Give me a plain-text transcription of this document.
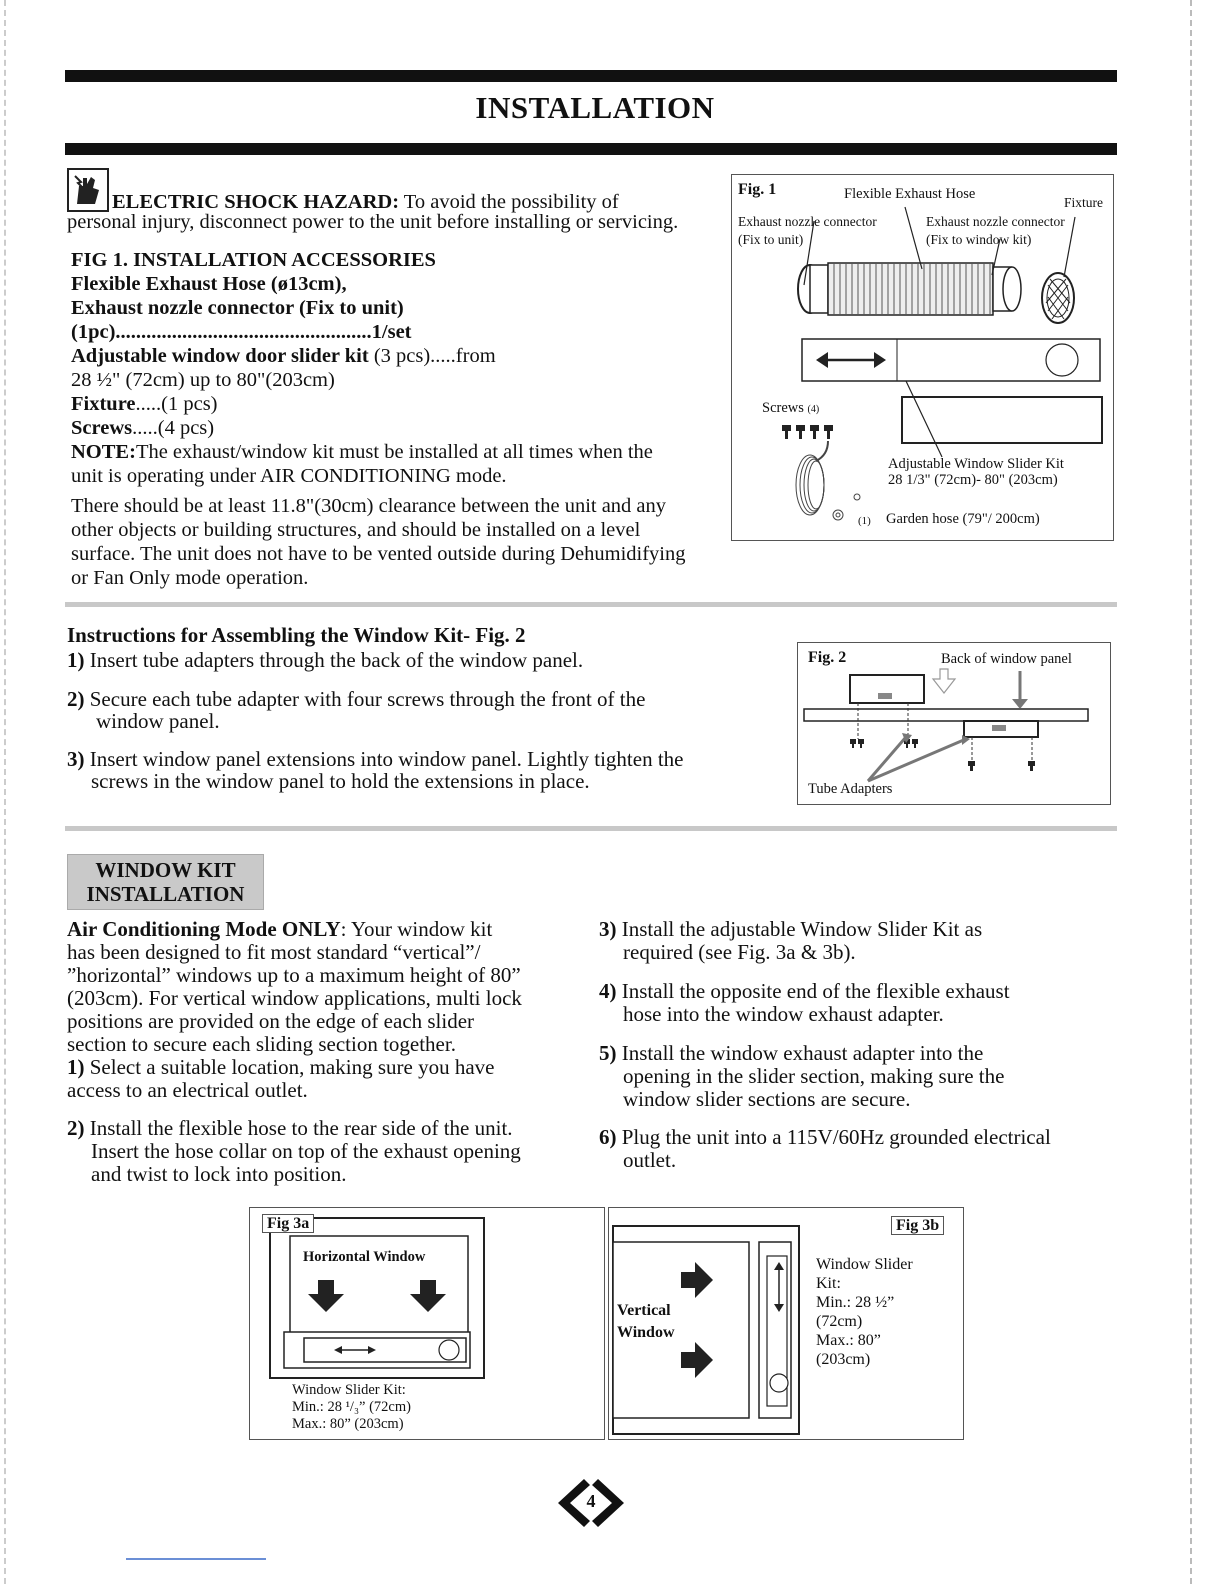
INSTALLATION
ELECTRIC SHOCK HAZARD: To avoid the possibility of
personal injury, disconnect power to the unit before installing or servicing.
FIG 1. INSTALLATION ACCESSORIES
Flexible Exhaust Hose (ø13cm),
Exhaust nozzle connector (Fix to unit)
(1pc)..................................................1/set
Adjustable window door slider kit (3 pcs).....from
28 ½" (72cm) up to 80"(203cm)
Fixture.....(1 pcs)
Screws.....(4 pcs)
NOTE:The exhaust/window kit must be installed at all times when the
unit is operating under AIR CONDITIONING mode.
There should be at least 11.8"(30cm) clearance between the unit and any
other objects or building structures, and should be installed on a level
surface. The unit does not have to be vented outside during Dehumidifying
or Fan Only mode operation.
Fig. 1	Flexible Exhaust Hose
Fixture
Exhaust nozzle connector
(Fix to unit)
Exhaust nozzle connector
(Fix to window kit)
Screws (4)
Adjustable Window Slider Kit
28 1/3" (72cm)- 80" (203cm)
(1) Garden hose (79"/ 200cm)
Instructions for Assembling the Window Kit- Fig. 2
1) Insert tube adapters through the back of the window panel.
2) Secure each tube adapter with four screws through the front of the
window panel.
3) Insert window panel extensions into window panel. Lightly tighten the
screws in the window panel to hold the extensions in place.
Fig. 2	Back of window panel
Tube Adapters
WINDOW KIT
INSTALLATION
Air Conditioning Mode ONLY: Your window kit
has been designed to fit most standard “vertical”/
”horizontal” windows up to a maximum height of 80”
(203cm). For vertical window applications, multi lock
positions are provided on the edge of each slider
section to secure each sliding section together.
1) Select a suitable location, making sure you have
access to an electrical outlet.
2) Install the flexible hose to the rear side of the unit.
Insert the hose collar on top of the exhaust opening
and twist to lock into position.
3) Install the adjustable Window Slider Kit as
required (see Fig. 3a & 3b).
4) Install the opposite end of the flexible exhaust
hose into the window exhaust adapter.
5) Install the window exhaust adapter into the
opening in the slider section, making sure the
window slider sections are secure.
6) Plug the unit into a 115V/60Hz grounded electrical
outlet.
Fig 3a
Horizontal Window
Window Slider Kit:
Min.: 28 ¹/₃” (72cm)
Max.: 80” (203cm)
Fig 3b
Vertical
Window
Window Slider
Kit:
Min.: 28 ½”
(72cm)
Max.: 80”
(203cm)
4
